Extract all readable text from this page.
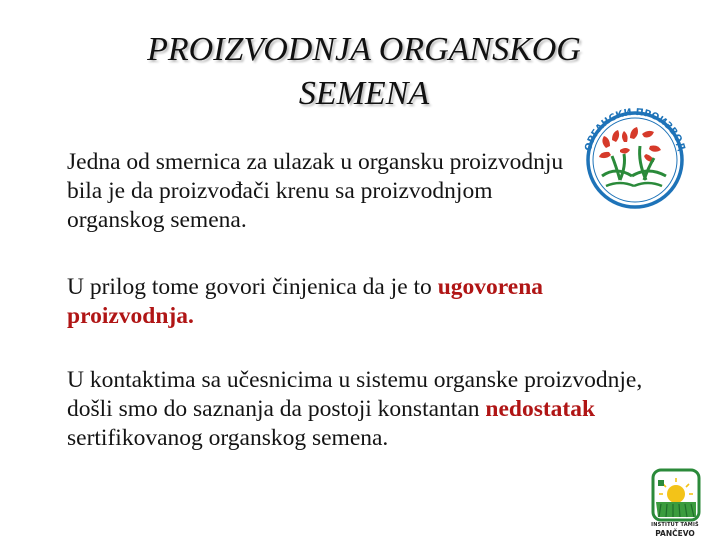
PROIZVODNJA ORGANSKOG
SEMENA
Jedna od smernica za ulazak u organsku proizvodnju bila je da proizvođači krenu sa proizvodnjom organskog semena.
U prilog tome govori činjenica da je to ugovorena proizvodnja.
U kontaktima sa učesnicima u sistemu organske proizvodnje, došli smo do saznanja da postoji konstantan nedostatak sertifikovanog organskog semena.
ОРГАНСКИ ПРОИЗВОД
INSTITUT TAMIŠ
PANČEVO
